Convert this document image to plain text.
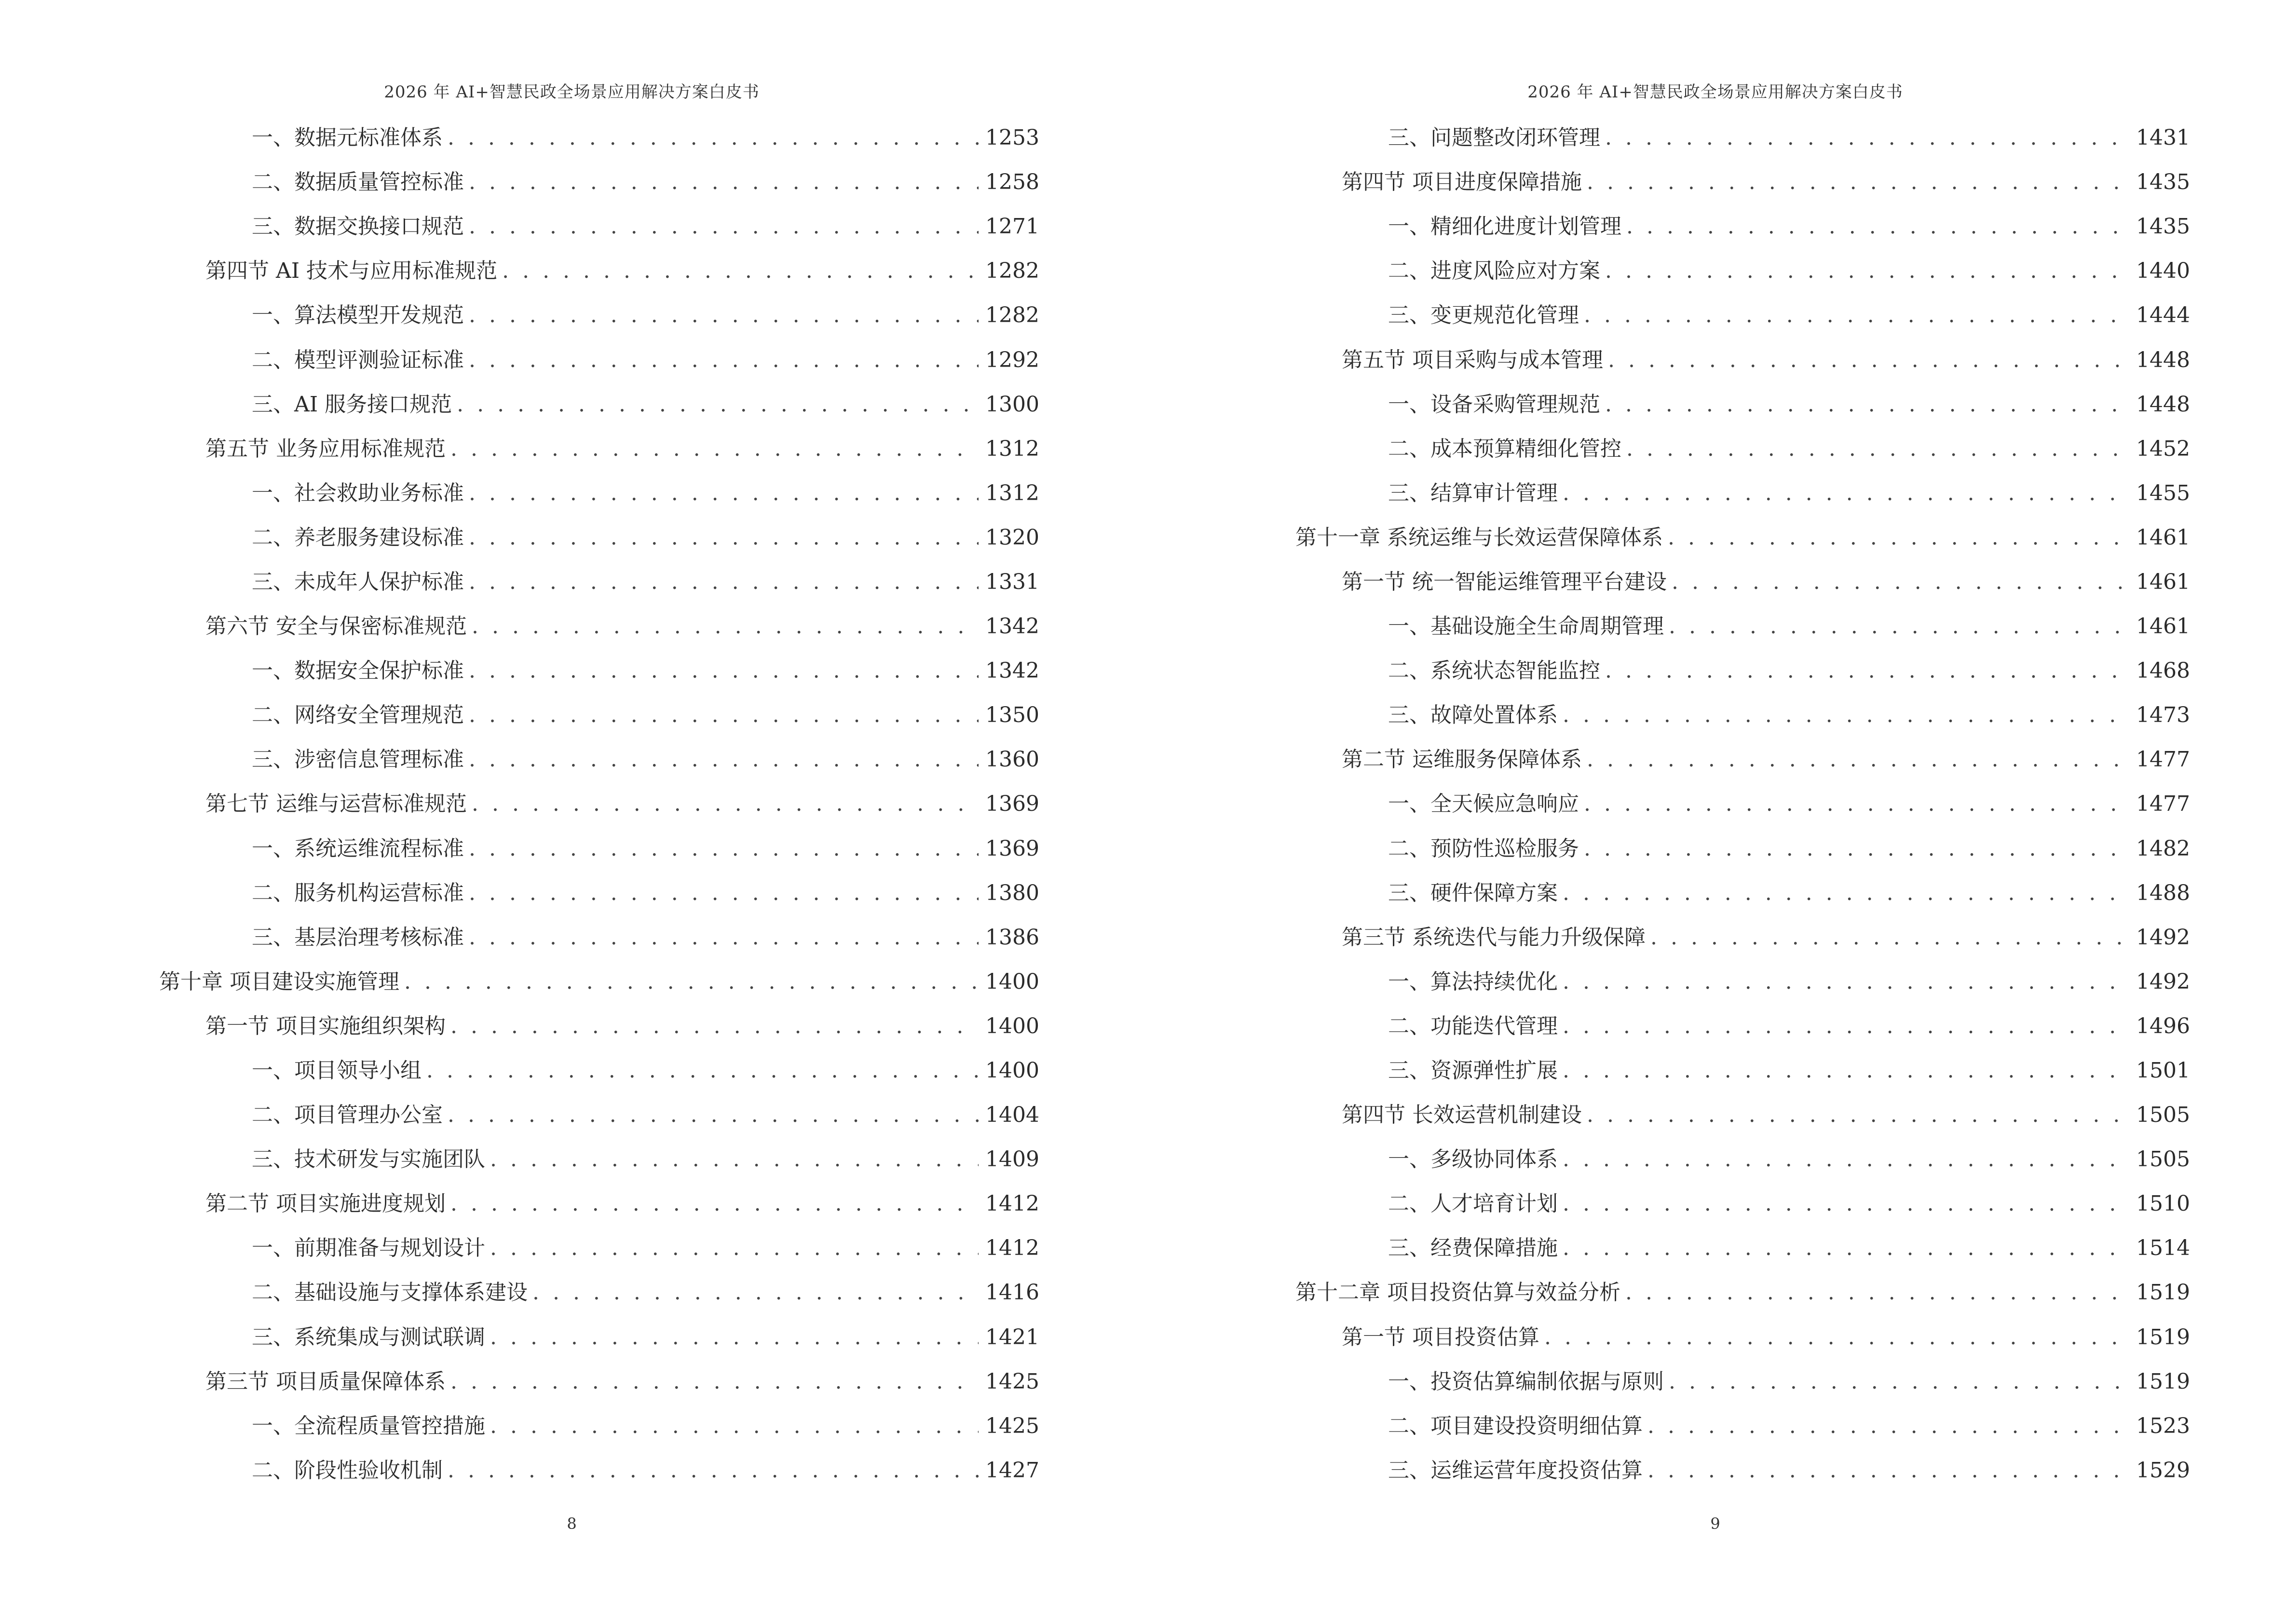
2026 年 AI+智慧民政全场景应用解决方案白皮书
一、数据元标准体系 . . .	1253
二、数据质量管控标准 . . .	1258
三、数据交换接口规范 . . .	1271
第四节 AI 技术与应用标准规范 . . .	1282
一、算法模型开发规范 . . .	1282
二、模型评测验证标准 . . .	1292
三、AI 服务接口规范 . . .	1300
第五节 业务应用标准规范 . . .	1312
一、社会救助业务标准 . . .	1312
二、养老服务建设标准 . . .	1320
三、未成年人保护标准 . . .	1331
第六节 安全与保密标准规范 . . .	1342
一、数据安全保护标准 . . .	1342
二、网络安全管理规范 . . .	1350
三、涉密信息管理标准 . . .	1360
第七节 运维与运营标准规范 . . .	1369
一、系统运维流程标准 . . .	1369
二、服务机构运营标准 . . .	1380
三、基层治理考核标准 . . .	1386
第十章 项目建设实施管理 . . .	1400
第一节 项目实施组织架构 . . .	1400
一、项目领导小组 . . .	1400
二、项目管理办公室 . . .	1404
三、技术研发与实施团队 . . .	1409
第二节 项目实施进度规划 . . .	1412
一、前期准备与规划设计 . . .	1412
二、基础设施与支撑体系建设 . . .	1416
三、系统集成与测试联调 . . .	1421
第三节 项目质量保障体系 . . .	1425
一、全流程质量管控措施 . . .	1425
二、阶段性验收机制 . . .	1427
8
2026 年 AI+智慧民政全场景应用解决方案白皮书
三、问题整改闭环管理 . . .	1431
第四节 项目进度保障措施 . . .	1435
一、精细化进度计划管理 . . .	1435
二、进度风险应对方案 . . .	1440
三、变更规范化管理 . . .	1444
第五节 项目采购与成本管理 . . .	1448
一、设备采购管理规范 . . .	1448
二、成本预算精细化管控 . . .	1452
三、结算审计管理 . . .	1455
第十一章 系统运维与长效运营保障体系 . . .	1461
第一节 统一智能运维管理平台建设 . . .	1461
一、基础设施全生命周期管理 . . .	1461
二、系统状态智能监控 . . .	1468
三、故障处置体系 . . .	1473
第二节 运维服务保障体系 . . .	1477
一、全天候应急响应 . . .	1477
二、预防性巡检服务 . . .	1482
三、硬件保障方案 . . .	1488
第三节 系统迭代与能力升级保障 . . .	1492
一、算法持续优化 . . .	1492
二、功能迭代管理 . . .	1496
三、资源弹性扩展 . . .	1501
第四节 长效运营机制建设 . . .	1505
一、多级协同体系 . . .	1505
二、人才培育计划 . . .	1510
三、经费保障措施 . . .	1514
第十二章 项目投资估算与效益分析 . . .	1519
第一节 项目投资估算 . . .	1519
一、投资估算编制依据与原则 . . .	1519
二、项目建设投资明细估算 . . .	1523
三、运维运营年度投资估算 . . .	1529
9
